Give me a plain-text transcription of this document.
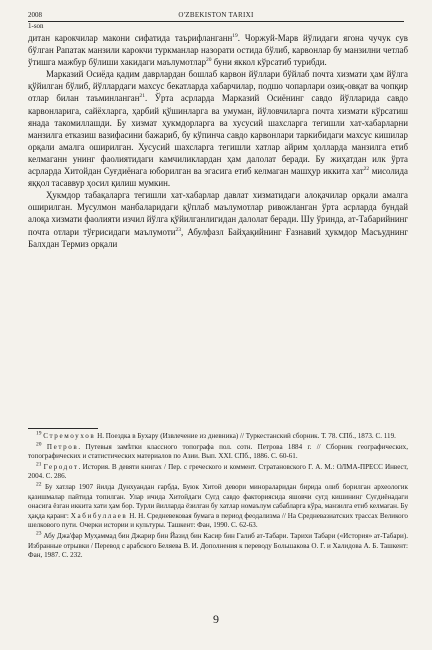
2008	O'ZBEKISTON TARIXI
1-son

дитан карокчилар макони сифатида таърифланганн$^{19}$. Чоржуй-Марв йўлидаги ягона чучук сув бўлган Рапатак манзили карокчи туркманлар назорати остида бўлиб, карвонлар бу манзилни четлаб ўтишга мажбур бўлиши хакидаги маълумотлар$^{20}$ буни яккол кўрсатиб турибди.

Марказий Осиёда қадим даврлардан бошлаб карвон йўллари бўйлаб почта хизмати ҳам йўлга қўйилган бўлиб, йўллардаги махсус бекатларда хабарчилар, подшо чопарлари озиқ-овқат ва чопқир отлар билан таъминланган$^{21}$. Ўрта асрларда Марказий Осиёнинг савдо йўлларида савдо карвонларига, сайёхларга, ҳарбий қўшинларга ва умуман, йўловчиларга почта хизмати кўрсатиш янада такомиллашди. Бу хизмат ҳукмдорларга ва хусусий шахсларга тегишли хат-хабарларни манзилга етказиш вазифасини бажариб, бу кўпинча савдо карвонлари таркибидаги махсус кишилар орқали амалга оширилган. Хусусий шахсларга тегишли хатлар айрим ҳолларда манзилга етиб келмаганн унинг фаолиятидаги камчиликлардан ҳам далолат беради. Бу жиҳатдан илк ўрта асрларда Хитойдан Суғдиёнага юборилган ва эгасига етиб келмаган машҳур иккита хат$^{22}$ мисолида яққол тасаввур ҳосил қилиш мумкин.

Ҳукмдор табақаларга тегишли хат-хабарлар давлат хизматидаги алоқачилар орқали амалга оширилган. Мусулмон манбаларидаги қўплаб маълумотлар ривожланган ўрта асрларда бундай алоқа хизмати фаолияти изчил йўлга қўйилганлигидан далолат беради. Шу ўринда, ат-Табарийнинг почта отлари тўғрисидаги маълумоти$^{23}$, Абулфазл Байҳақийнинг Ғазнавий ҳукмдор Масъуднинг Балхдан Термиз орқали

$^{19}$ Стремоухов Н. Поездка в Бухару (Извлечение из дневника) // Туркестанский сборник. Т. 78. СПб., 1873. С. 119.

$^{20}$ Петров. Путевыя замѣтки классного топографа пол. сотн. Петрова 1884 г. // Сборник географических, топографических и статистических материалов по Азии. Вып. XXI. СПб., 1886. С. 60-61.

$^{21}$ Геродот. История. В девяти книгах / Пер. с греческого и коммент. Стратановского Г. А. М.: ОЛМА-ПРЕСС Инвест, 2004. С. 286.

$^{22}$ Бу хатлар 1907 йилда Дунхуандан ғарбда, Буюк Хитой девори минораларидан бирида олиб борилган археологик қазишмалар пайтида топилган. Улар ичида Хитойдаги Сугд савдо факториясида яшовчи сугд кишининг Суғдиёнадаги онасига ёзган иккита хати ҳам бор. Турли йилларда ёзилган бу хатлар номаълум сабабларга кўра, манзилга етиб келмаган. Бу ҳақда қаранг: Хабибуллаев Н. Н. Средневековая бумага в период феодализма // На Средневазиатских трассах Великого шелкового пути. Очерки истории и культуры. Ташкент: Фан, 1990. С. 62-63.

$^{23}$ Абу Джа'фар Муҳаммад бин Джарир бин Йазид бин Касир бин Галиб ат-Табари. Тарихи Табари («История» ат-Табари). Избранные отрывки / Перевод с арабского Беляева В. И. Дополнения к переводу Большакова О. Г. и Халидова А. Б. Ташкент: Фан, 1987. С. 232.

9
